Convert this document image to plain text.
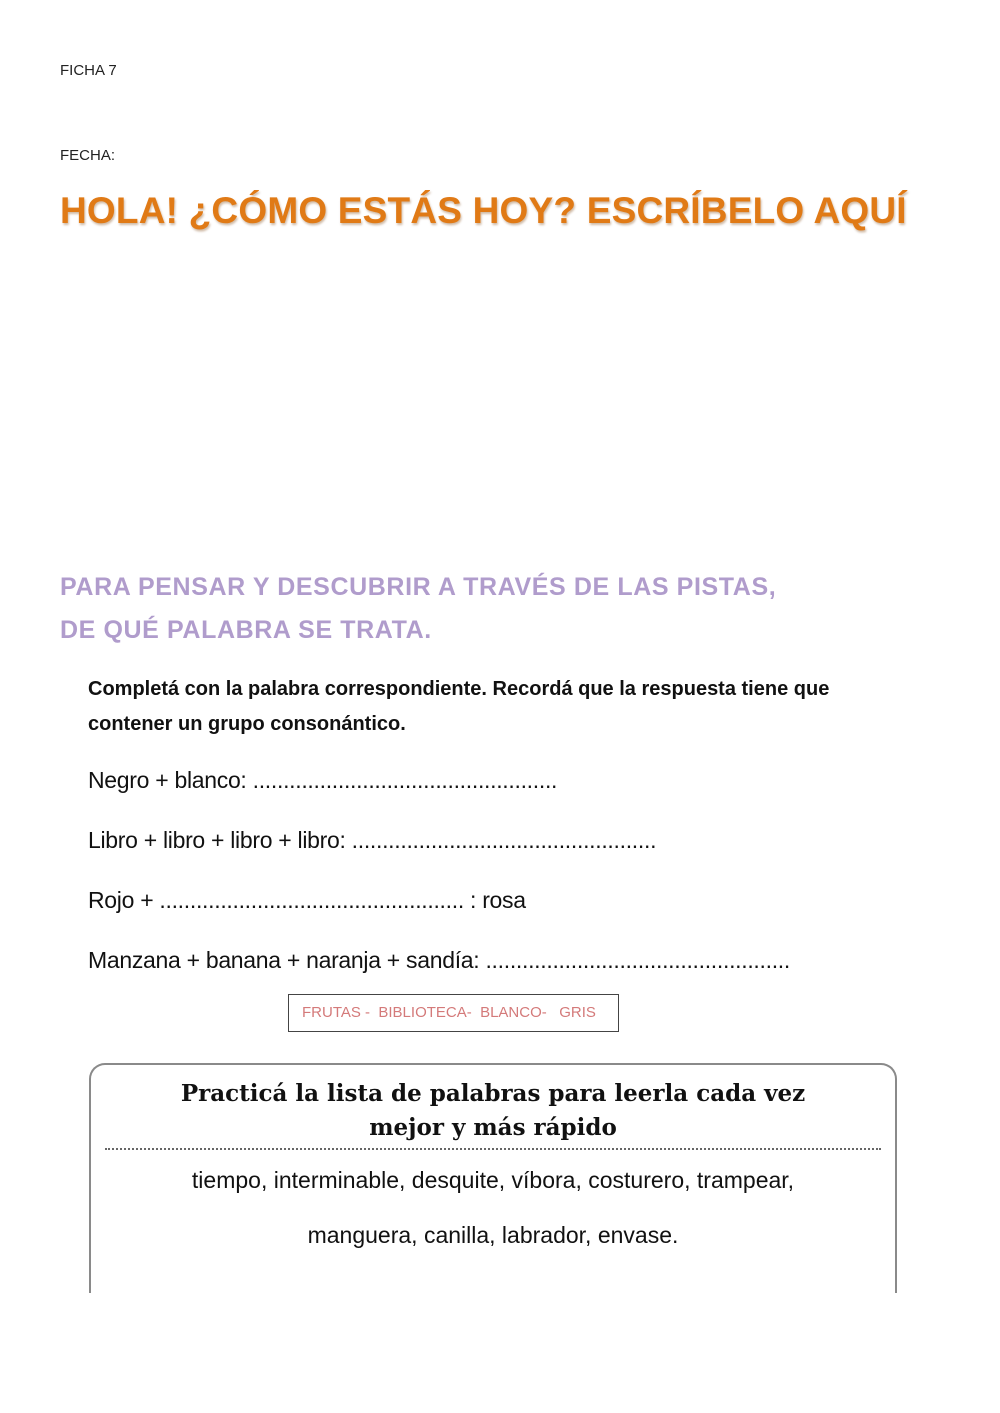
FICHA 7
FECHA:
HOLA! ¿CÓMO ESTÁS HOY? ESCRÍBELO AQUÍ
PARA PENSAR Y DESCUBRIR A TRAVÉS DE LAS PISTAS,
DE QUÉ PALABRA SE TRATA.
Completá con la palabra correspondiente. Recordá que la respuesta tiene que
contener un grupo consonántico.
Negro + blanco: ..................................................
Libro + libro + libro + libro: ..................................................
Rojo + .................................................. : rosa
Manzana + banana + naranja + sandía: ..................................................
FRUTAS -  BIBLIOTECA-  BLANCO-   GRIS
Practicá la lista de palabras para leerla cada vez
mejor y más rápido
tiempo, interminable, desquite, víbora, costurero, trampear,
manguera, canilla, labrador, envase.
